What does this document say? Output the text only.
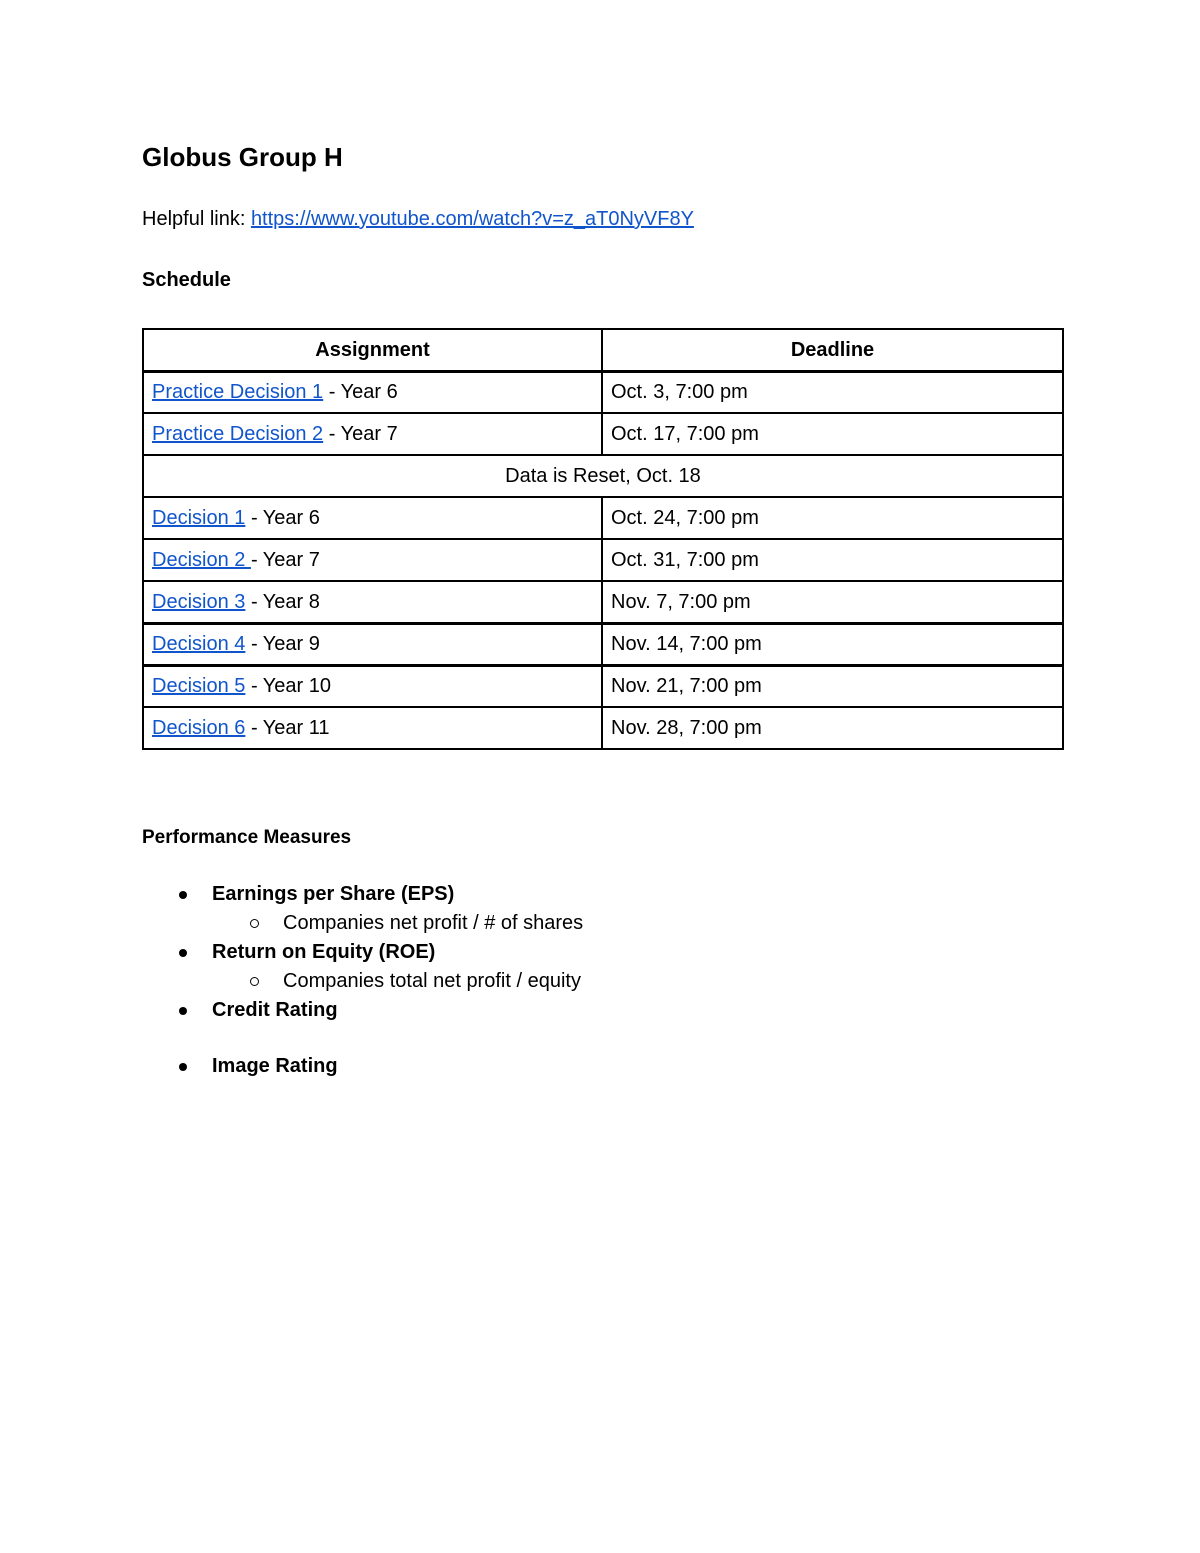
Globus Group H

Helpful link: https://www.youtube.com/watch?v=z_aT0NyVF8Y

Schedule
Assignment	Deadline
Practice Decision 1 - Year 6	Oct. 3, 7:00 pm
Practice Decision 2 - Year 7	Oct. 17, 7:00 pm
Data is Reset, Oct. 18	
Decision 1 - Year 6	Oct. 24, 7:00 pm
Decision 2 - Year 7	Oct. 31, 7:00 pm
Decision 3 - Year 8	Nov. 7, 7:00 pm
Decision 4 - Year 9	Nov. 14, 7:00 pm
Decision 5 - Year 10	Nov. 21, 7:00 pm
Decision 6 - Year 11	Nov. 28, 7:00 pm
Performance Measures
Earnings per Share (EPS)
Companies net profit / # of shares
Return on Equity (ROE)
Companies total net profit / equity
Credit Rating
Image Rating
